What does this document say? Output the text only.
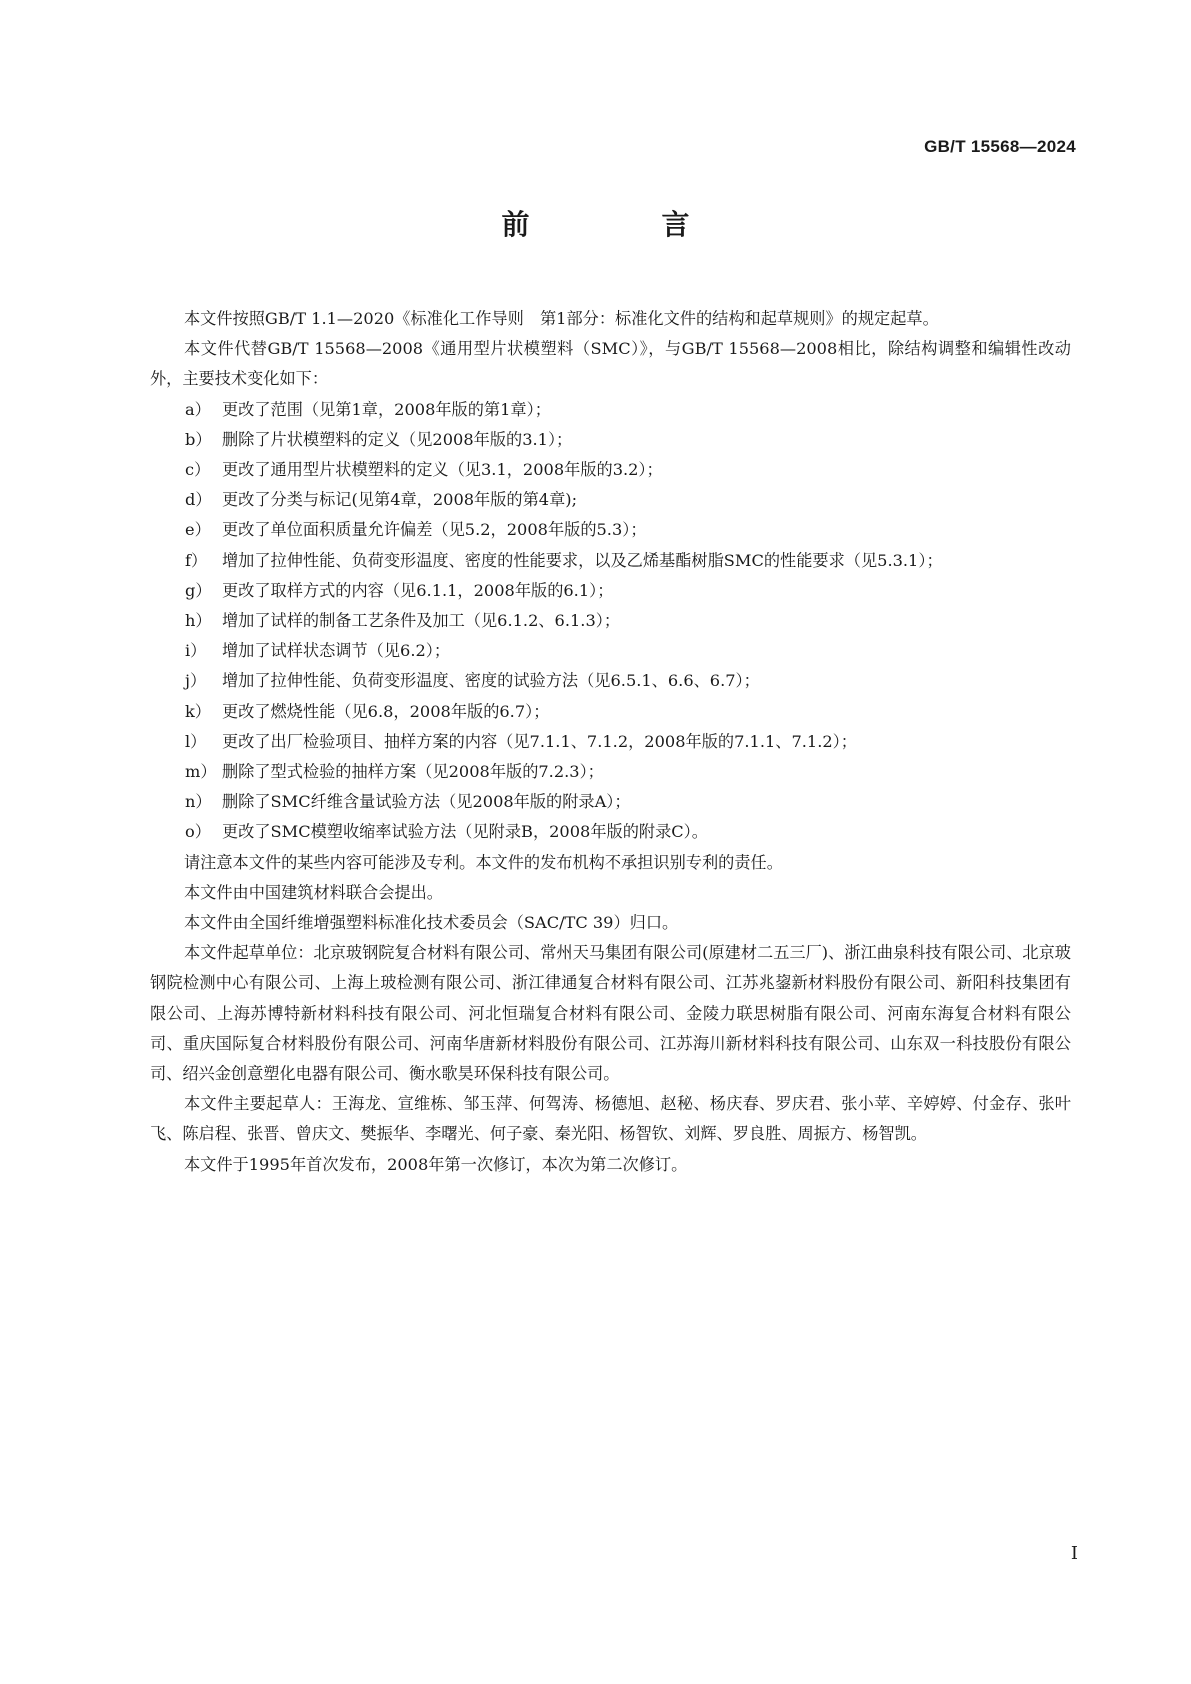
GB/T 15568—2024
前　言

本文件按照GB/T 1.1—2020《标准化工作导则　第1部分：标准化文件的结构和起草规则》的规定起草。

本文件代替GB/T 15568—2008《通用型片状模塑料（SMC）》，与GB/T 15568—2008相比，除结构调整和编辑性改动外，主要技术变化如下：

a） 更改了范围（见第1章，2008年版的第1章）；
b） 删除了片状模塑料的定义（见2008年版的3.1）；
c） 更改了通用型片状模塑料的定义（见3.1，2008年版的3.2）；
d） 更改了分类与标记(见第4章，2008年版的第4章);
e） 更改了单位面积质量允许偏差（见5.2，2008年版的5.3）；
f） 增加了拉伸性能、负荷变形温度、密度的性能要求，以及乙烯基酯树脂SMC的性能要求（见5.3.1）；
g） 更改了取样方式的内容（见6.1.1，2008年版的6.1）；
h） 增加了试样的制备工艺条件及加工（见6.1.2、6.1.3）；
i） 增加了试样状态调节（见6.2）；
j） 增加了拉伸性能、负荷变形温度、密度的试验方法（见6.5.1、6.6、6.7）；
k） 更改了燃烧性能（见6.8，2008年版的6.7）；
l） 更改了出厂检验项目、抽样方案的内容（见7.1.1、7.1.2，2008年版的7.1.1、7.1.2）；
m） 删除了型式检验的抽样方案（见2008年版的7.2.3）；
n） 删除了SMC纤维含量试验方法（见2008年版的附录A）；
o） 更改了SMC模塑收缩率试验方法（见附录B，2008年版的附录C）。

请注意本文件的某些内容可能涉及专利。本文件的发布机构不承担识别专利的责任。

本文件由中国建筑材料联合会提出。

本文件由全国纤维增强塑料标准化技术委员会（SAC/TC 39）归口。

本文件起草单位：北京玻钢院复合材料有限公司、常州天马集团有限公司(原建材二五三厂)、浙江曲泉科技有限公司、北京玻钢院检测中心有限公司、上海上玻检测有限公司、浙江律通复合材料有限公司、江苏兆鋆新材料股份有限公司、新阳科技集团有限公司、上海苏博特新材料科技有限公司、河北恒瑞复合材料有限公司、金陵力联思树脂有限公司、河南东海复合材料有限公司、重庆国际复合材料股份有限公司、河南华唐新材料股份有限公司、江苏海川新材料科技有限公司、山东双一科技股份有限公司、绍兴金创意塑化电器有限公司、衡水歌昊环保科技有限公司。

本文件主要起草人：王海龙、宣维栋、邹玉萍、何驾涛、杨德旭、赵秘、杨庆春、罗庆君、张小苹、辛婷婷、付金存、张叶飞、陈启程、张晋、曾庆文、樊振华、李曙光、何子豪、秦光阳、杨智钦、刘辉、罗良胜、周振方、杨智凯。

本文件于1995年首次发布，2008年第一次修订，本次为第二次修订。

I
